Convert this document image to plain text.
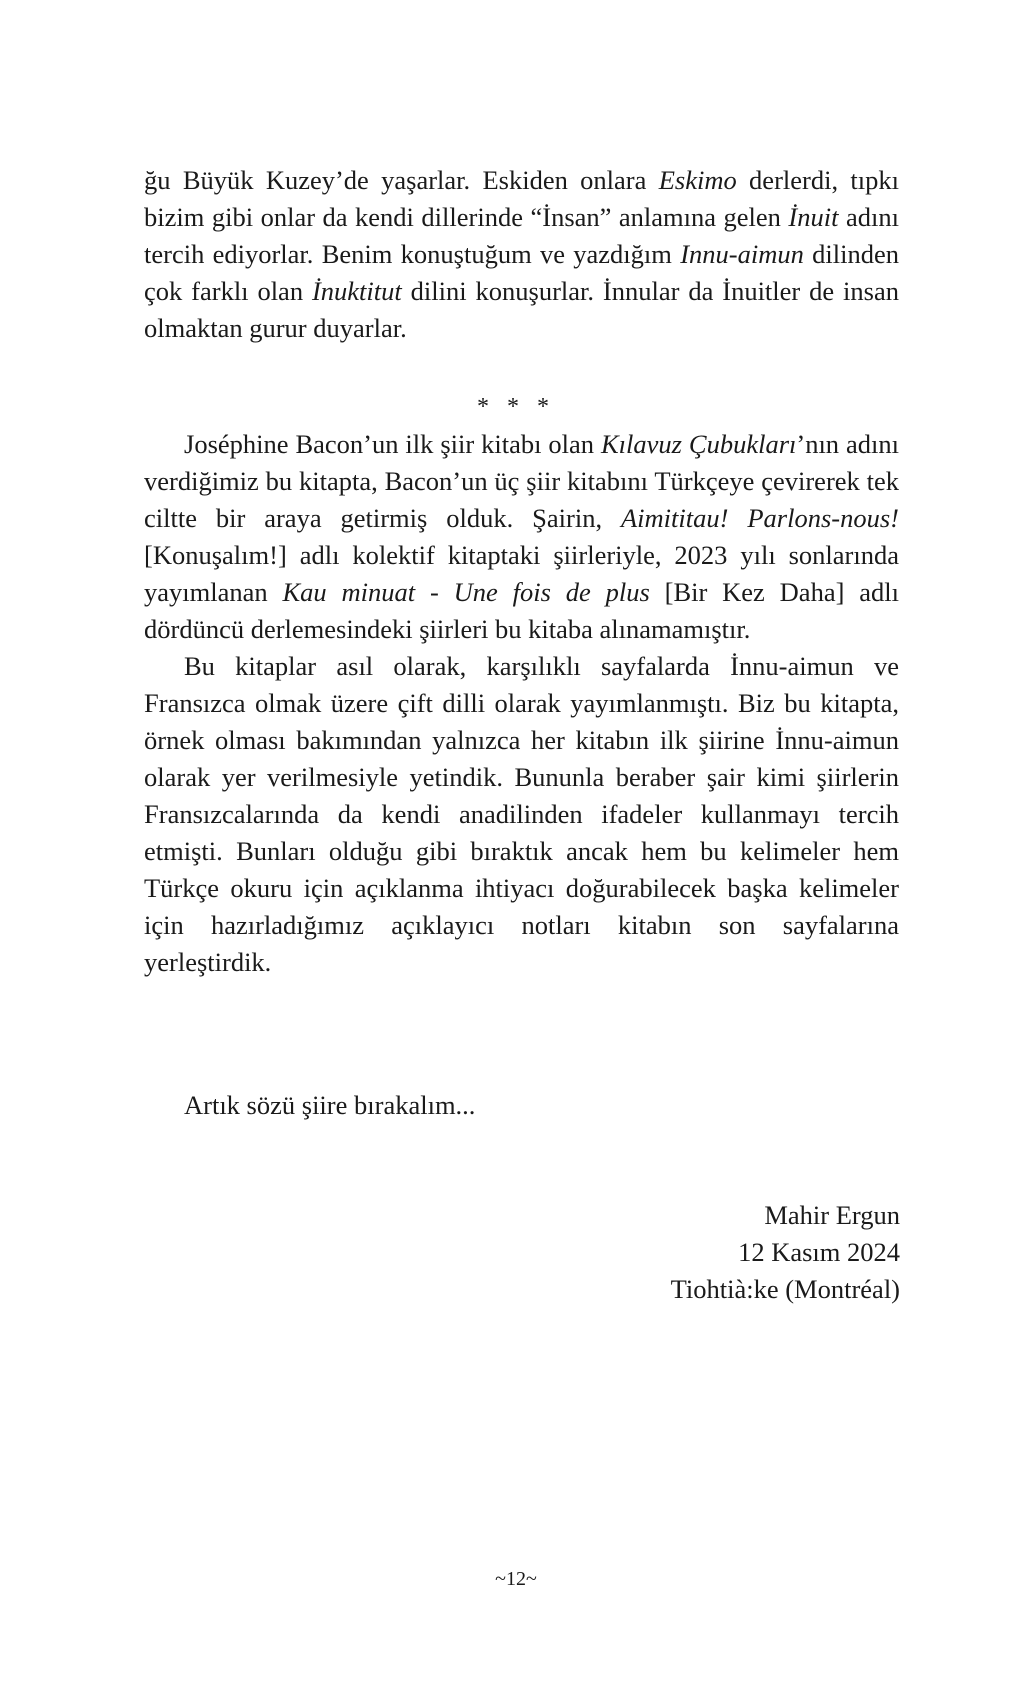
ğu Büyük Kuzey’de yaşarlar. Eskiden onlara Eskimo derlerdi, tıpkı bizim gibi onlar da kendi dillerinde “İnsan” anlamına gelen İnuit adını tercih ediyorlar. Benim konuştuğum ve yazdığım Innu-aimun dilinden çok farklı olan İnuktitut dilini konuşurlar. İnnular da İnuitler de insan olmaktan gurur duyarlar.

* * *

Joséphine Bacon’un ilk şiir kitabı olan Kılavuz Çubukları’nın adını verdiğimiz bu kitapta, Bacon’un üç şiir kitabını Türkçeye çevirerek tek ciltte bir araya getirmiş olduk. Şairin, Aimititau! Parlons-nous! [Konuşalım!] adlı kolektif kitaptaki şiirleriyle, 2023 yılı sonlarında yayımlanan Kau minuat - Une fois de plus [Bir Kez Daha] adlı dördüncü derlemesindeki şiirleri bu kitaba alınamamıştır.

Bu kitaplar asıl olarak, karşılıklı sayfalarda İnnu-aimun ve Fransızca olmak üzere çift dilli olarak yayımlanmıştı. Biz bu kitapta, örnek olması bakımından yalnızca her kitabın ilk şiirine İnnu-aimun olarak yer verilmesiyle yetindik. Bununla beraber şair kimi şiirlerin Fransızcalarında da kendi anadilinden ifadeler kullanmayı tercih etmişti. Bunları olduğu gibi bıraktık ancak hem bu kelimeler hem Türkçe okuru için açıklanma ihtiyacı doğurabilecek başka kelimeler için hazırladığımız açıklayıcı notları kitabın son sayfalarına yerleştirdik.

Artık sözü şiire bırakalım...
Mahir Ergun
12 Kasım 2024
Tiohtià:ke (Montréal)
~12~
